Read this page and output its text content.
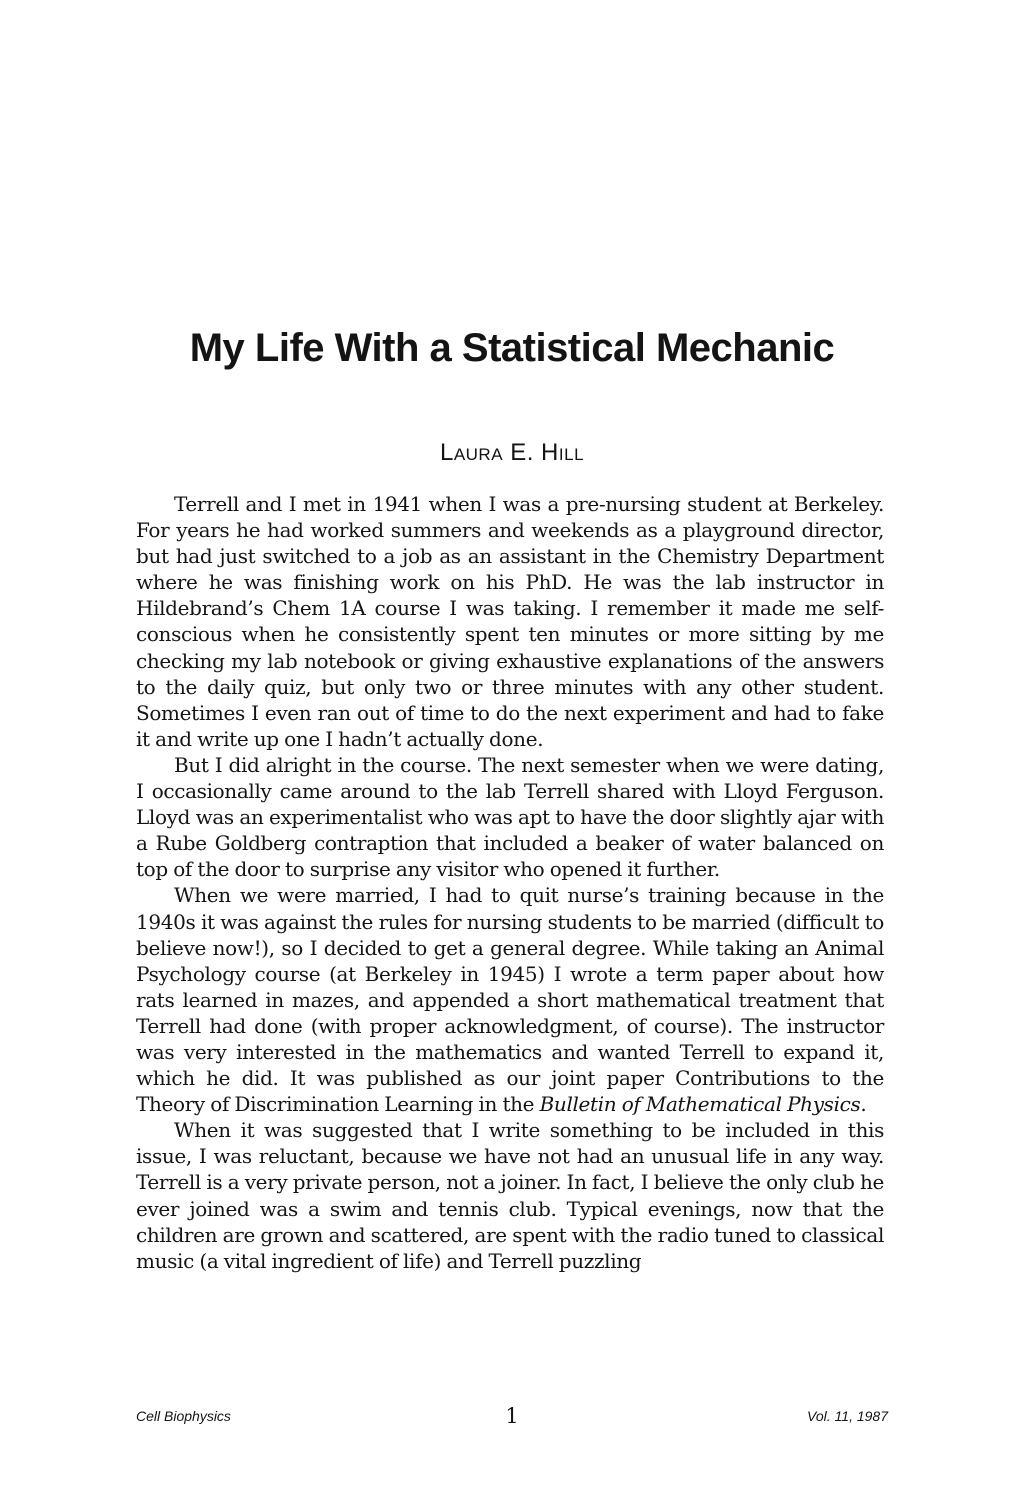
My Life With a Statistical Mechanic
Laura E. Hill

Terrell and I met in 1941 when I was a pre-nursing student at Berkeley. For years he had worked summers and weekends as a playground director, but had just switched to a job as an assistant in the Chemistry Department where he was finishing work on his PhD. He was the lab instructor in Hildebrand’s Chem 1A course I was taking. I remember it made me self-conscious when he consistently spent ten minutes or more sitting by me checking my lab notebook or giving exhaustive explanations of the answers to the daily quiz, but only two or three minutes with any other student. Sometimes I even ran out of time to do the next experiment and had to fake it and write up one I hadn’t actually done.

But I did alright in the course. The next semester when we were dating, I occasionally came around to the lab Terrell shared with Lloyd Ferguson. Lloyd was an experimentalist who was apt to have the door slightly ajar with a Rube Goldberg contraption that included a beaker of water balanced on top of the door to surprise any visitor who opened it further.

When we were married, I had to quit nurse’s training because in the 1940s it was against the rules for nursing students to be married (difficult to believe now!), so I decided to get a general degree. While taking an Animal Psychology course (at Berkeley in 1945) I wrote a term paper about how rats learned in mazes, and appended a short mathematical treatment that Terrell had done (with proper acknowledgment, of course). The instructor was very interested in the mathematics and wanted Terrell to expand it, which he did. It was published as our joint paper Contributions to the Theory of Discrimination Learning in the Bulletin of Mathematical Physics.

When it was suggested that I write something to be included in this issue, I was reluctant, because we have not had an unusual life in any way. Terrell is a very private person, not a joiner. In fact, I believe the only club he ever joined was a swim and tennis club. Typical evenings, now that the children are grown and scattered, are spent with the radio tuned to classical music (a vital ingredient of life) and Terrell puzzling

Cell Biophysics	1	Vol. 11, 1987
